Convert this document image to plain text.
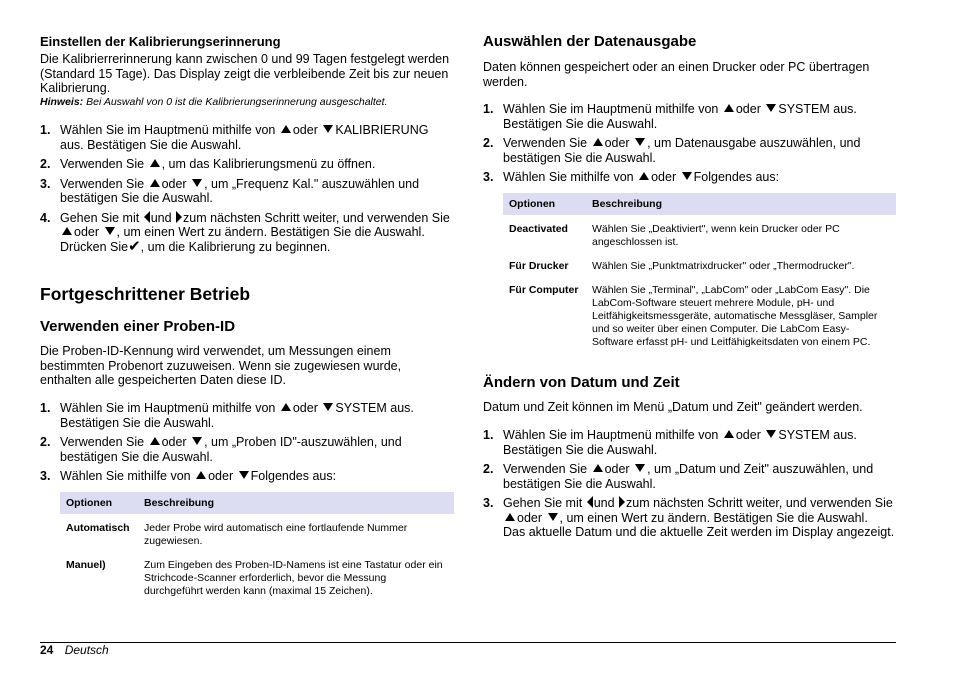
Einstellen der Kalibrierungserinnerung
Die Kalibrierrerinnerung kann zwischen 0 und 99 Tagen festgelegt werden (Standard 15 Tage). Das Display zeigt die verbleibende Zeit bis zur neuen Kalibrierung.
Hinweis: Bei Auswahl von 0 ist die Kalibrierungserinnerung ausgeschaltet.
1. Wählen Sie im Hauptmenü mithilfe von oder KALIBRIERUNG aus. Bestätigen Sie die Auswahl.
2. Verwenden Sie , um das Kalibrierungsmenü zu öffnen.
3. Verwenden Sie oder , um „Frequenz Kal." auszuwählen und bestätigen Sie die Auswahl.
4. Gehen Sie mit und zum nächsten Schritt weiter, und verwenden Sie oder , um einen Wert zu ändern. Bestätigen Sie die Auswahl.
Drücken Sie✔, um die Kalibrierung zu beginnen.
Fortgeschrittener Betrieb
Verwenden einer Proben-ID
Die Proben-ID-Kennung wird verwendet, um Messungen einem bestimmten Probenort zuzuweisen. Wenn sie zugewiesen wurde, enthalten alle gespeicherten Daten diese ID.
1. Wählen Sie im Hauptmenü mithilfe von oder SYSTEM aus. Bestätigen Sie die Auswahl.
2. Verwenden Sie oder , um „Proben ID"-auszuwählen, und bestätigen Sie die Auswahl.
3. Wählen Sie mithilfe von oder Folgendes aus:
Optionen	Beschreibung
Automatisch	Jeder Probe wird automatisch eine fortlaufende Nummer zugewiesen.
Manuel)	Zum Eingeben des Proben-ID-Namens ist eine Tastatur oder ein Strichcode-Scanner erforderlich, bevor die Messung durchgeführt werden kann (maximal 15 Zeichen).
Auswählen der Datenausgabe
Daten können gespeichert oder an einen Drucker oder PC übertragen werden.
1. Wählen Sie im Hauptmenü mithilfe von oder SYSTEM aus. Bestätigen Sie die Auswahl.
2. Verwenden Sie oder , um Datenausgabe auszuwählen, und bestätigen Sie die Auswahl.
3. Wählen Sie mithilfe von oder Folgendes aus:
Optionen	Beschreibung
Deactivated	Wählen Sie „Deaktiviert", wenn kein Drucker oder PC angeschlossen ist.
Für Drucker	Wählen Sie „Punktmatrixdrucker" oder „Thermodrucker".
Für Computer	Wählen Sie „Terminal", „LabCom" oder „LabCom Easy". Die LabCom-Software steuert mehrere Module, pH- und Leitfähigkeitsmessgeräte, automatische Messgläser, Sampler und so weiter über einen Computer. Die LabCom Easy-Software erfasst pH- und Leitfähigkeitsdaten von einem PC.
Ändern von Datum und Zeit
Datum und Zeit können im Menü „Datum und Zeit" geändert werden.
1. Wählen Sie im Hauptmenü mithilfe von oder SYSTEM aus. Bestätigen Sie die Auswahl.
2. Verwenden Sie oder , um „Datum und Zeit" auszuwählen, und bestätigen Sie die Auswahl.
3. Gehen Sie mit und zum nächsten Schritt weiter, und verwenden Sie oder , um einen Wert zu ändern. Bestätigen Sie die Auswahl.
Das aktuelle Datum und die aktuelle Zeit werden im Display angezeigt.
24 Deutsch
